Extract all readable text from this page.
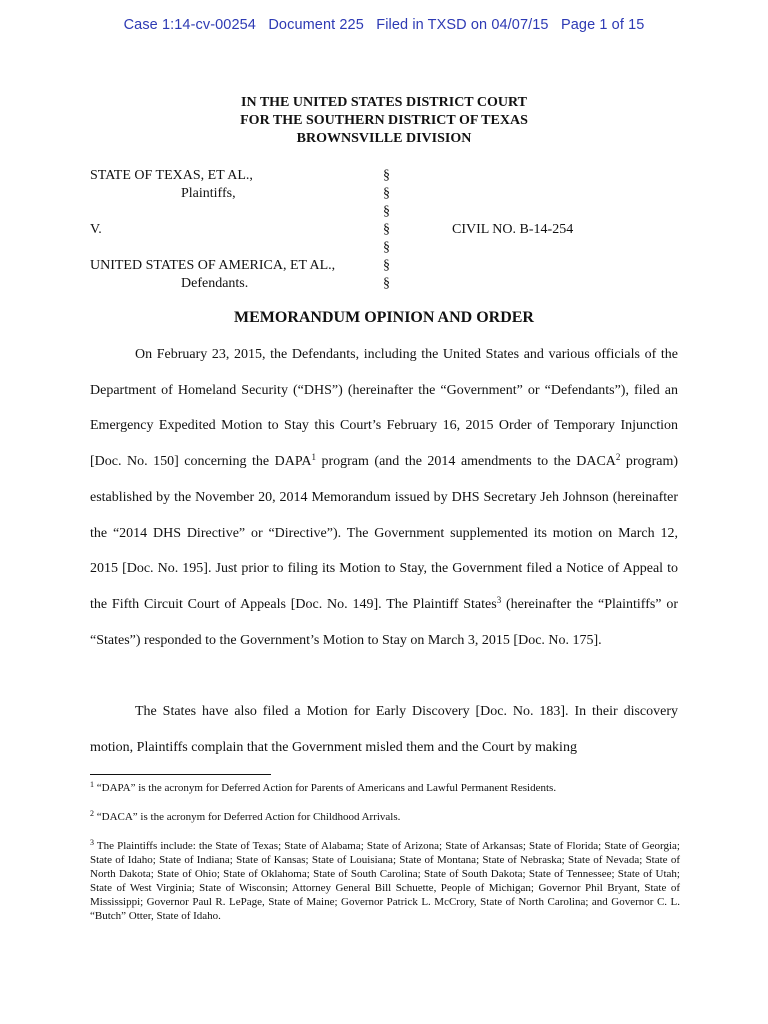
Case 1:14-cv-00254 Document 225 Filed in TXSD on 04/07/15 Page 1 of 15
IN THE UNITED STATES DISTRICT COURT
FOR THE SOUTHERN DISTRICT OF TEXAS
BROWNSVILLE DIVISION
STATE OF TEXAS, ET AL.,
Plaintiffs,
V.
UNITED STATES OF AMERICA, ET AL.,
Defendants.
CIVIL NO. B-14-254
§
§
§
§
§
§
§
MEMORANDUM OPINION AND ORDER

On February 23, 2015, the Defendants, including the United States and various officials of the Department of Homeland Security (“DHS”) (hereinafter the “Government” or “Defendants”), filed an Emergency Expedited Motion to Stay this Court’s February 16, 2015 Order of Temporary Injunction [Doc. No. 150] concerning the DAPA$^1$ program (and the 2014 amendments to the DACA$^2$ program) established by the November 20, 2014 Memorandum issued by DHS Secretary Jeh Johnson (hereinafter the “2014 DHS Directive” or “Directive”). The Government supplemented its motion on March 12, 2015 [Doc. No. 195]. Just prior to filing its Motion to Stay, the Government filed a Notice of Appeal to the Fifth Circuit Court of Appeals [Doc. No. 149]. The Plaintiff States$^3$ (hereinafter the “Plaintiffs” or “States”) responded to the Government’s Motion to Stay on March 3, 2015 [Doc. No. 175].

The States have also filed a Motion for Early Discovery [Doc. No. 183]. In their discovery motion, Plaintiffs complain that the Government misled them and the Court by making

$^1$ “DAPA” is the acronym for Deferred Action for Parents of Americans and Lawful Permanent Residents.
$^2$ “DACA” is the acronym for Deferred Action for Childhood Arrivals.
$^3$ The Plaintiffs include: the State of Texas; State of Alabama; State of Arizona; State of Arkansas; State of Florida; State of Georgia; State of Idaho; State of Indiana; State of Kansas; State of Louisiana; State of Montana; State of Nebraska; State of Nevada; State of North Dakota; State of Ohio; State of Oklahoma; State of South Carolina; State of South Dakota; State of Tennessee; State of Utah; State of West Virginia; State of Wisconsin; Attorney General Bill Schuette, People of Michigan; Governor Phil Bryant, State of Mississippi; Governor Paul R. LePage, State of Maine; Governor Patrick L. McCrory, State of North Carolina; and Governor C. L. “Butch” Otter, State of Idaho.
